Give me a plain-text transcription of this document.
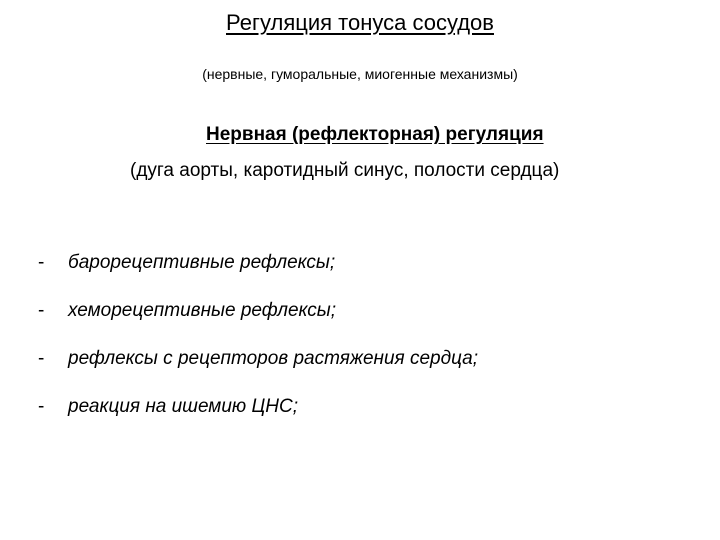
Регуляция тонуса сосудов
(нервные, гуморальные, миогенные механизмы)
Нервная (рефлекторная) регуляция
(дуга аорты, каротидный синус, полости сердца)
- барорецептивные рефлексы;
- хеморецептивные рефлексы;
- рефлексы с рецепторов растяжения сердца;
- реакция на ишемию ЦНС;
